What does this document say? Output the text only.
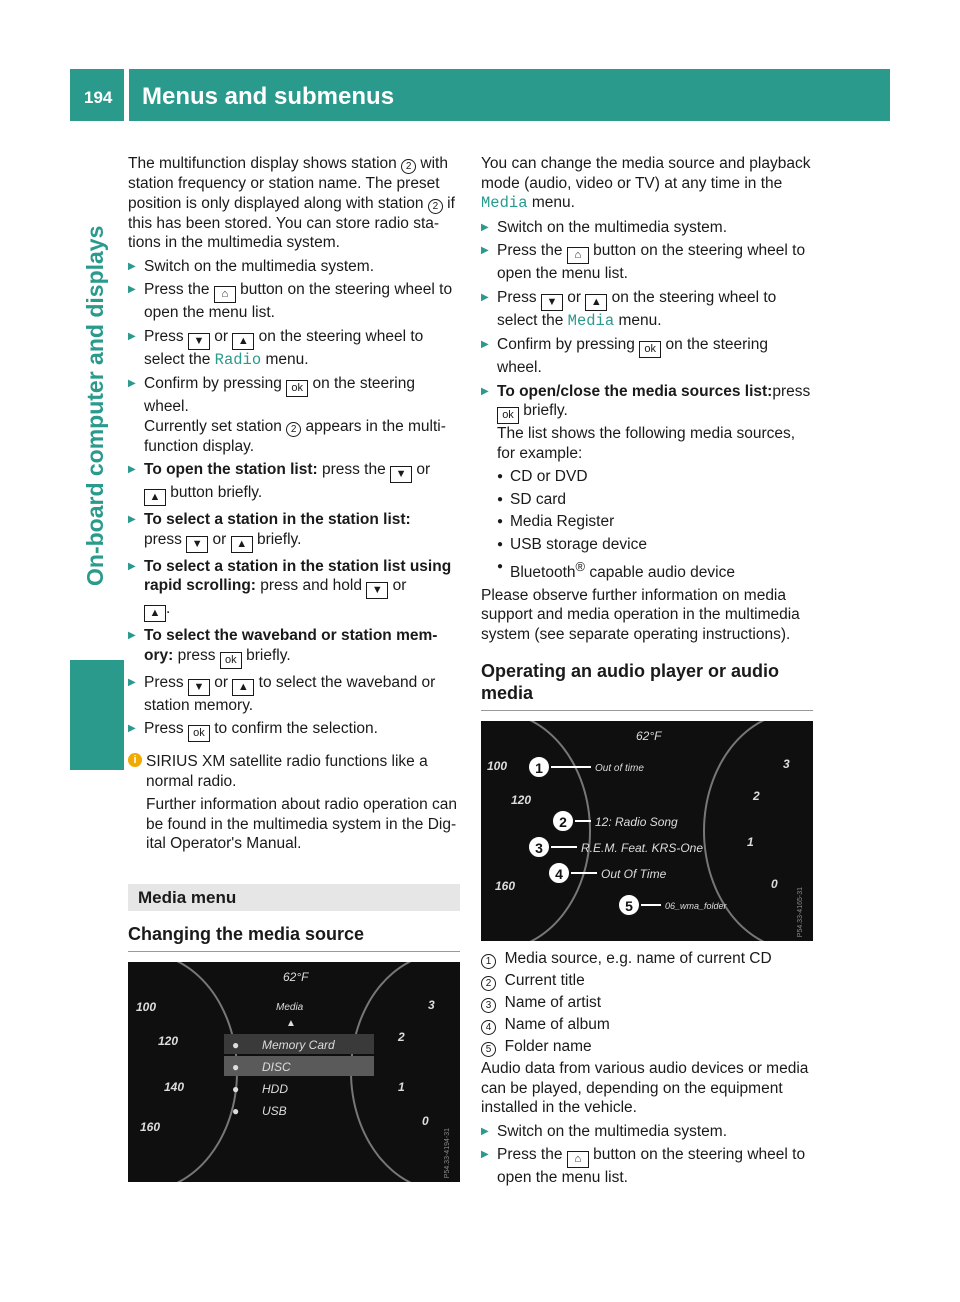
194 Menus and submenus
On-board computer and displays

The multifunction display shows station 2 with station frequency or station name. The preset position is only displayed along with station 2 if this has been stored. You can store radio sta-tions in the multimedia system.

▶ Switch on the multimedia system.
▶ Press the ⌂ button on the steering wheel to open the menu list.
▶ Press ▼ or ▲ on the steering wheel to select the Radio menu.
▶ Confirm by pressing ok on the steering wheel.
Currently set station 2 appears in the multi-function display.
▶ To open the station list: press the ▼ or
▲ button briefly.
▶ To select a station in the station list:
press ▼ or ▲ briefly.
▶ To select a station in the station list using rapid scrolling: press and hold ▼ or
▲ .
▶ To select the waveband or station mem-ory: press ok briefly.
▶ Press ▼ or ▲ to select the waveband or station memory.
▶ Press ok to confirm the selection.
i SIRIUS XM satellite radio functions like a normal radio.

Further information about radio operation can be found in the multimedia system in the Dig-ital Operator's Manual.

Media menu
Changing the media source
62°F
Media
▲
● Memory Card
● DISC
● HDD
● USB
100
120
140
160
3
2
1
0
P54.33-4194-31

You can change the media source and playback mode (audio, video or TV) at any time in the Media menu.

▶ Switch on the multimedia system.
▶ Press the ⌂ button on the steering wheel to open the menu list.
▶ Press ▼ or ▲ on the steering wheel to select the Media menu.
▶ Confirm by pressing ok on the steering wheel.
▶ To open/close the media sources list:press ok briefly.
The list shows the following media sources, for example:
● CD or DVD
● SD card
● Media Register
● USB storage device
● Bluetooth® capable audio device

Please observe further information on media support and media operation in the multimedia system (see separate operating instructions).

Operating an audio player or audio media
62°F
1	Out of time
2	12: Radio Song
3	R.E.M. Feat. KRS-One
4	Out Of Time
5	06_wma_folder
100
120
160
3
2
1
0
P54.33-4165-31
1 Media source, e.g. name of current CD
2 Current title
3 Name of artist
4 Name of album
5 Folder name

Audio data from various audio devices or media can be played, depending on the equipment installed in the vehicle.

▶ Switch on the multimedia system.
▶ Press the ⌂ button on the steering wheel to open the menu list.
